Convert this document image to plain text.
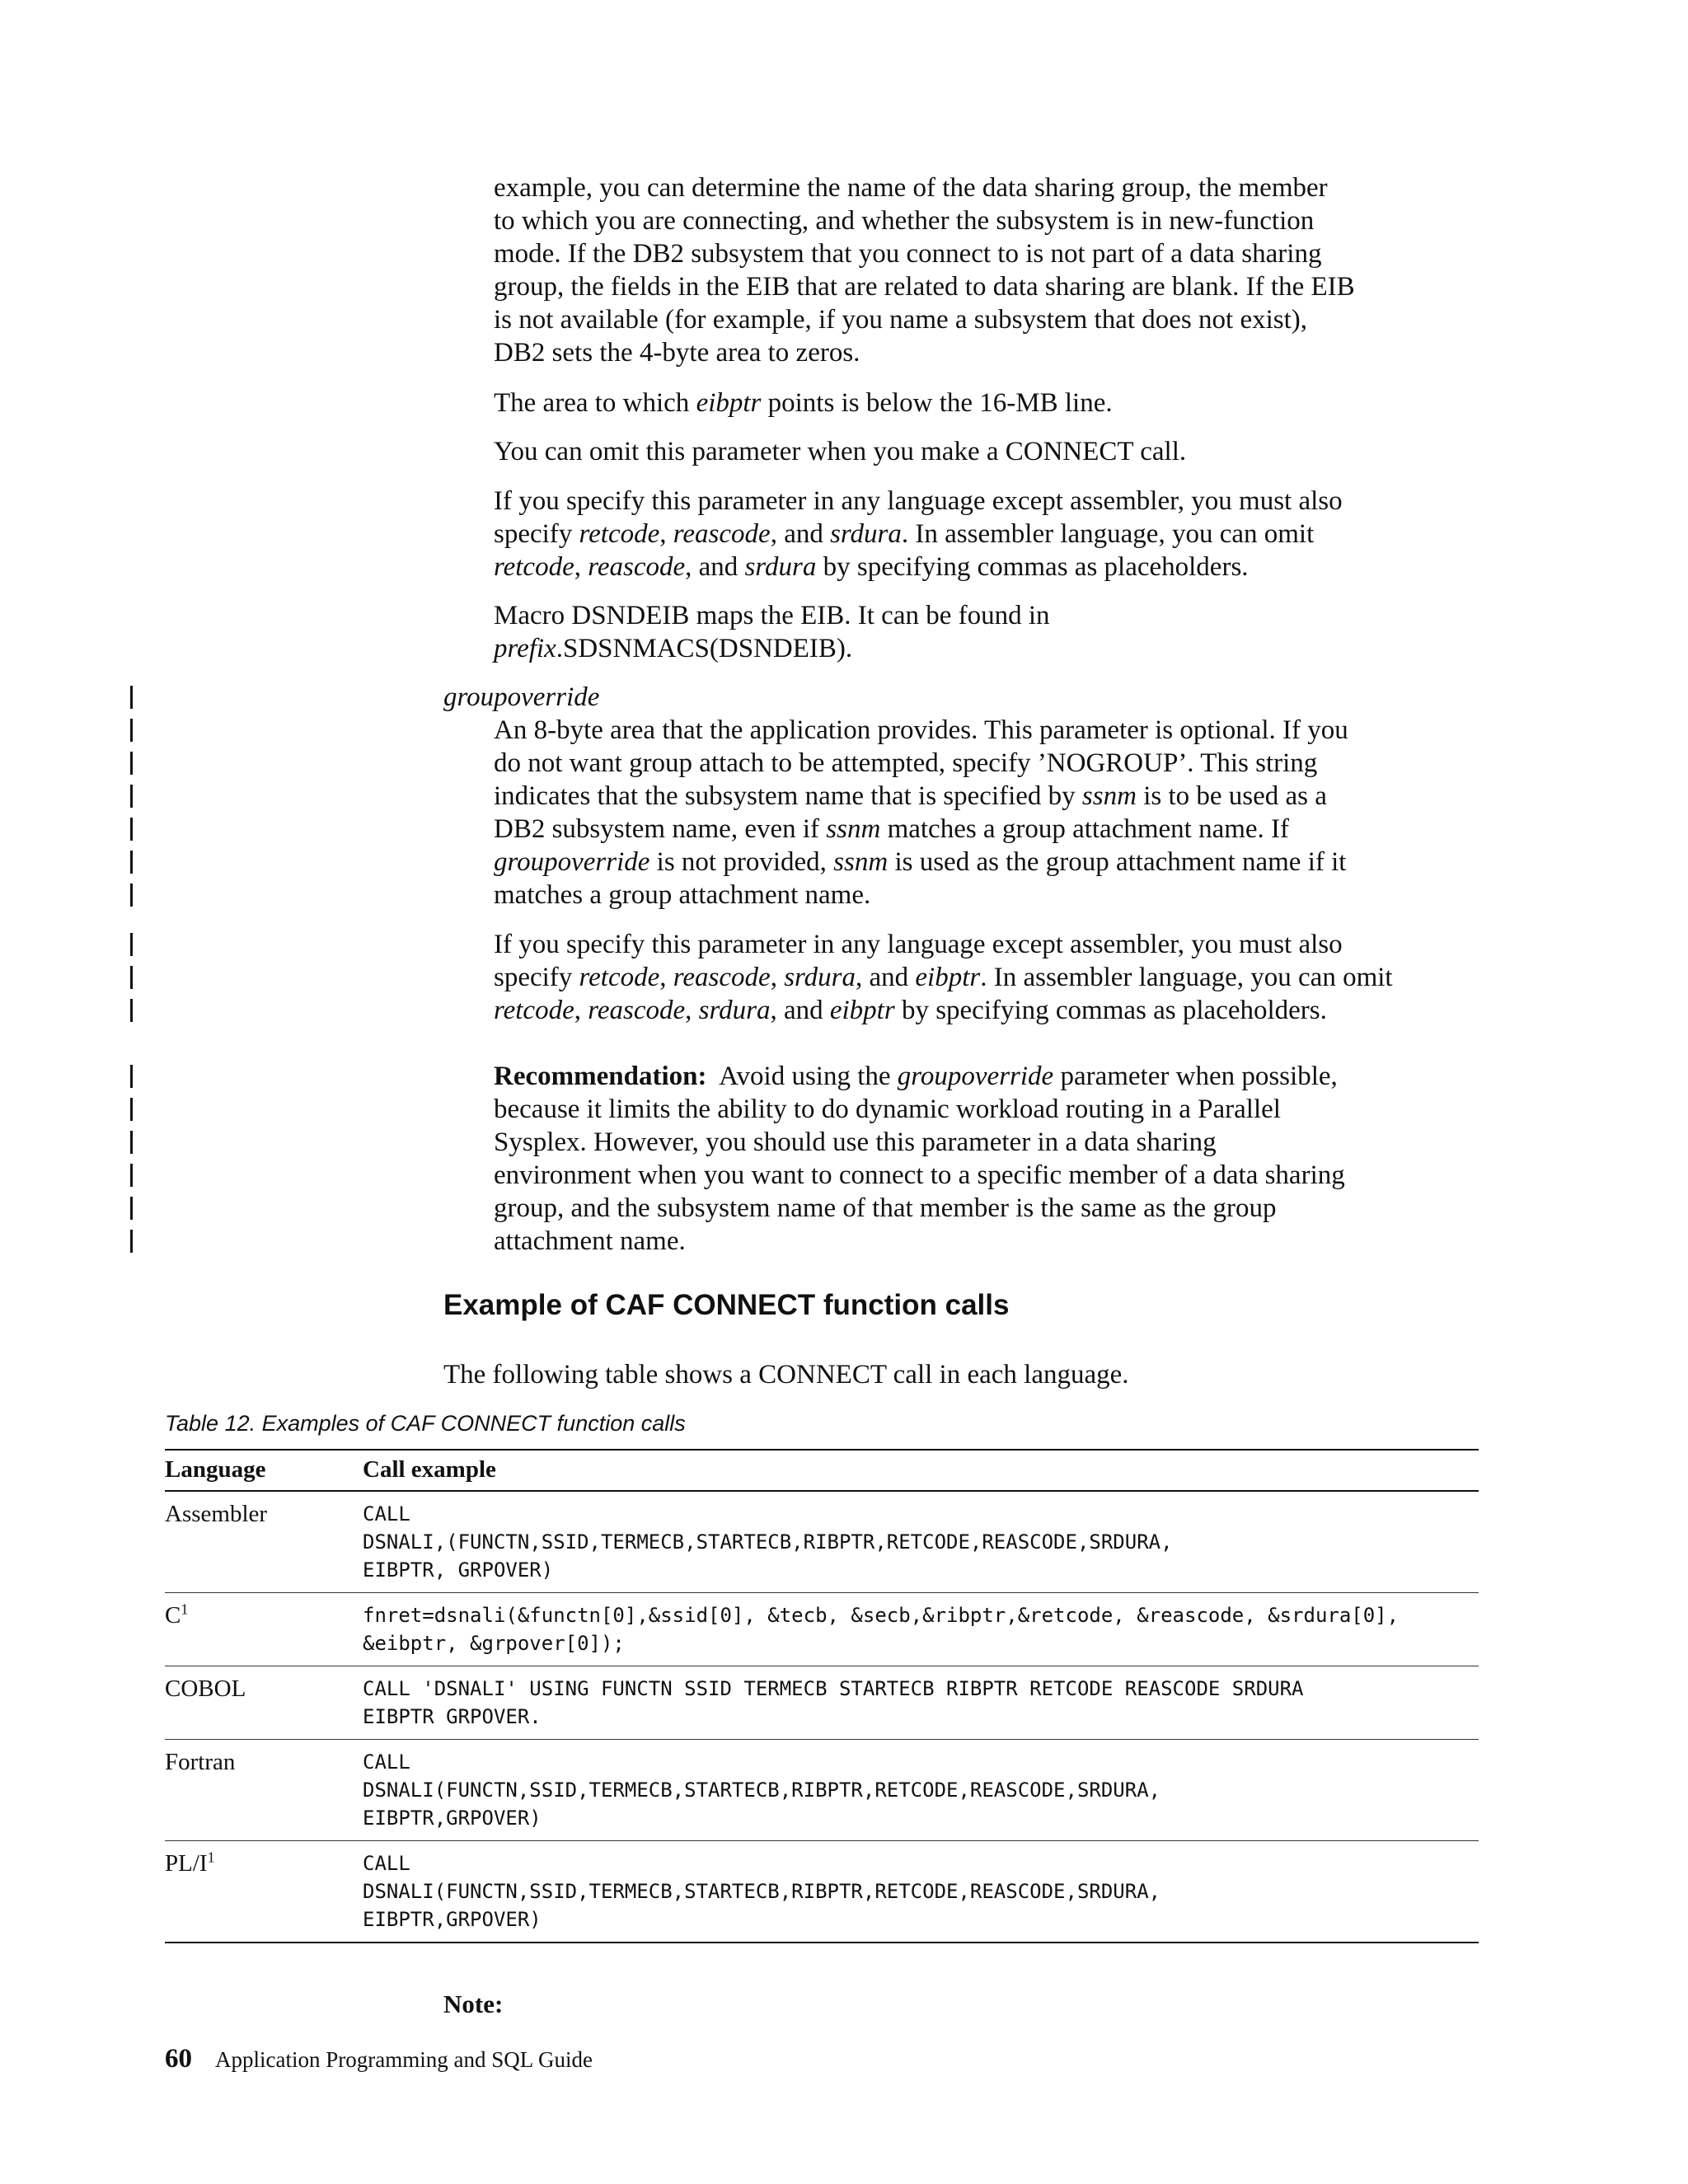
example, you can determine the name of the data sharing group, the member
to which you are connecting, and whether the subsystem is in new-function
mode. If the DB2 subsystem that you connect to is not part of a data sharing
group, the fields in the EIB that are related to data sharing are blank. If the EIB
is not available (for example, if you name a subsystem that does not exist),
DB2 sets the 4-byte area to zeros.
The area to which eibptr points is below the 16-MB line.
You can omit this parameter when you make a CONNECT call.
If you specify this parameter in any language except assembler, you must also
specify retcode, reascode, and srdura. In assembler language, you can omit
retcode, reascode, and srdura by specifying commas as placeholders.
Macro DSNDEIB maps the EIB. It can be found in
prefix.SDSNMACS(DSNDEIB).
groupoverride
An 8-byte area that the application provides. This parameter is optional. If you
do not want group attach to be attempted, specify ’NOGROUP’. This string
indicates that the subsystem name that is specified by ssnm is to be used as a
DB2 subsystem name, even if ssnm matches a group attachment name. If
groupoverride is not provided, ssnm is used as the group attachment name if it
matches a group attachment name.
If you specify this parameter in any language except assembler, you must also
specify retcode, reascode, srdura, and eibptr. In assembler language, you can omit
retcode, reascode, srdura, and eibptr by specifying commas as placeholders.
Recommendation:  Avoid using the groupoverride parameter when possible,
because it limits the ability to do dynamic workload routing in a Parallel
Sysplex. However, you should use this parameter in a data sharing
environment when you want to connect to a specific member of a data sharing
group, and the subsystem name of that member is the same as the group
attachment name.
Example of CAF CONNECT function calls

The following table shows a CONNECT call in each language.

Table 12. Examples of CAF CONNECT function calls

Language	Call example
Assembler	CALL
DSNALI,(FUNCTN,SSID,TERMECB,STARTECB,RIBPTR,RETCODE,REASCODE,SRDURA,
EIBPTR, GRPOVER)
C$^1$	fnret=dsnali(&functn[0],&ssid[0], &tecb, &secb,&ribptr,&retcode, &reascode, &srdura[0],
&eibptr, &grpover[0]);
COBOL	CALL 'DSNALI' USING FUNCTN SSID TERMECB STARTECB RIBPTR RETCODE REASCODE SRDURA
EIBPTR GRPOVER.
Fortran	CALL
DSNALI(FUNCTN,SSID,TERMECB,STARTECB,RIBPTR,RETCODE,REASCODE,SRDURA,
EIBPTR,GRPOVER)
PL/I$^1$	CALL
DSNALI(FUNCTN,SSID,TERMECB,STARTECB,RIBPTR,RETCODE,REASCODE,SRDURA,
EIBPTR,GRPOVER)

Note:

60 Application Programming and SQL Guide
